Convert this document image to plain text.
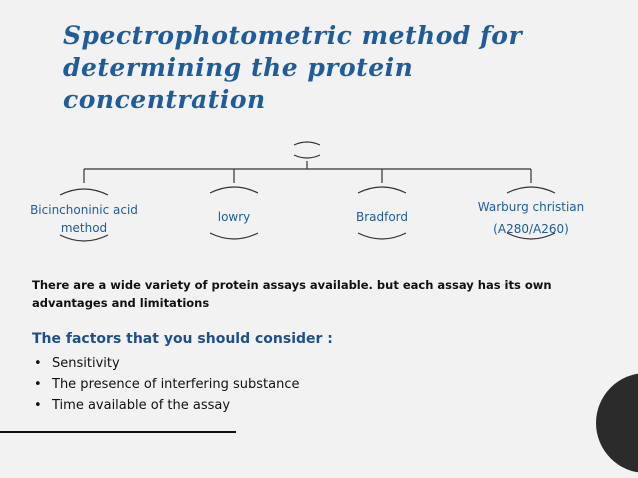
Spectrophotometric method for determining the protein concentration
Bicinchoninic acid
method
lowry	Bradford
Warburg christian
(A280/A260)
There are a wide variety of protein assays available. but each assay has its own advantages and limitations
The factors that you should consider :
• Sensitivity
• The presence of interfering substance
• Time available of the assay
